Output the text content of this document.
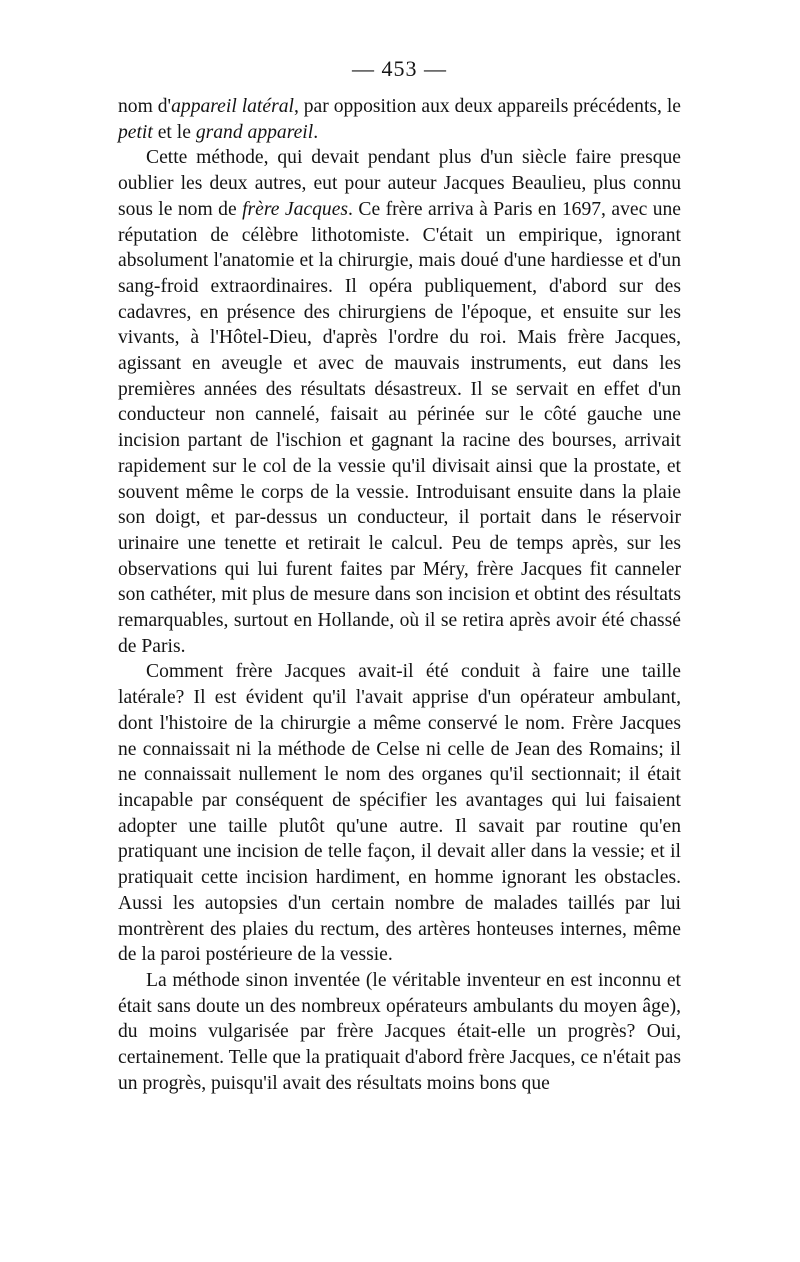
— 453 —

nom d'appareil latéral, par opposition aux deux appareils précédents, le petit et le grand appareil.

Cette méthode, qui devait pendant plus d'un siècle faire presque oublier les deux autres, eut pour auteur Jacques Beaulieu, plus connu sous le nom de frère Jacques. Ce frère arriva à Paris en 1697, avec une réputation de célèbre lithotomiste. C'était un empirique, ignorant absolument l'anatomie et la chirurgie, mais doué d'une hardiesse et d'un sang-froid extraordinaires. Il opéra publiquement, d'abord sur des cadavres, en présence des chirurgiens de l'époque, et ensuite sur les vivants, à l'Hôtel-Dieu, d'après l'ordre du roi. Mais frère Jacques, agissant en aveugle et avec de mauvais instruments, eut dans les premières années des résultats désastreux. Il se servait en effet d'un conducteur non cannelé, faisait au périnée sur le côté gauche une incision partant de l'ischion et gagnant la racine des bourses, arrivait rapidement sur le col de la vessie qu'il divisait ainsi que la prostate, et souvent même le corps de la vessie. Introduisant ensuite dans la plaie son doigt, et par-dessus un conducteur, il portait dans le réservoir urinaire une tenette et retirait le calcul. Peu de temps après, sur les observations qui lui furent faites par Méry, frère Jacques fit canneler son cathéter, mit plus de mesure dans son incision et obtint des résultats remarquables, surtout en Hollande, où il se retira après avoir été chassé de Paris.

Comment frère Jacques avait-il été conduit à faire une taille latérale? Il est évident qu'il l'avait apprise d'un opérateur ambulant, dont l'histoire de la chirurgie a même conservé le nom. Frère Jacques ne connaissait ni la méthode de Celse ni celle de Jean des Romains; il ne connaissait nullement le nom des organes qu'il sectionnait; il était incapable par conséquent de spécifier les avantages qui lui faisaient adopter une taille plutôt qu'une autre. Il savait par routine qu'en pratiquant une incision de telle façon, il devait aller dans la vessie; et il pratiquait cette incision hardiment, en homme ignorant les obstacles. Aussi les autopsies d'un certain nombre de malades taillés par lui montrèrent des plaies du rectum, des artères honteuses internes, même de la paroi postérieure de la vessie.

La méthode sinon inventée (le véritable inventeur en est inconnu et était sans doute un des nombreux opérateurs ambulants du moyen âge), du moins vulgarisée par frère Jacques était-elle un progrès? Oui, certainement. Telle que la pratiquait d'abord frère Jacques, ce n'était pas un progrès, puisqu'il avait des résultats moins bons que
